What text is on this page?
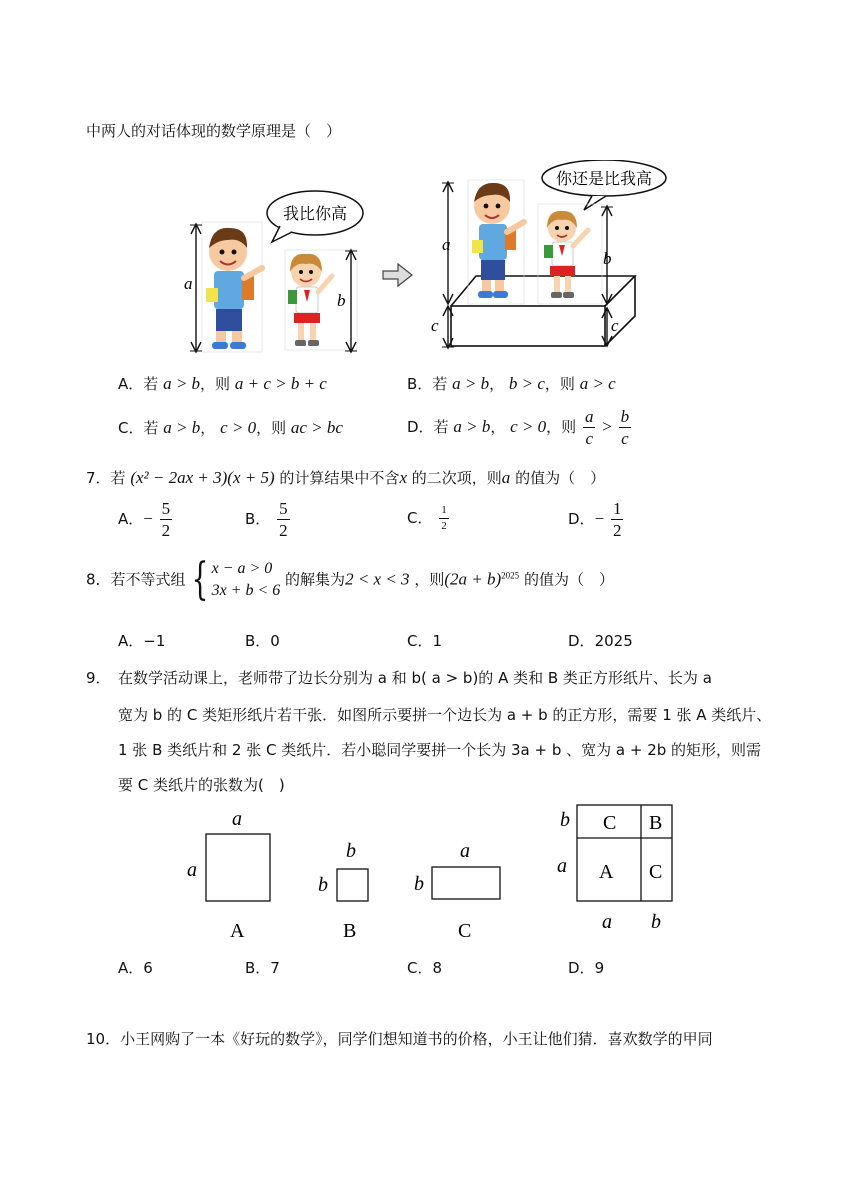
中两人的对话体现的数学原理是（　）
我比你高
a
b
你还是比我高
a
c
b
c
A．若 a > b，则 a + c > b + c	B．若 a > b， b > c，则 a > c
C．若 a > b， c > 0，则 ac > bc	D．若 a > b， c > 0，则 $\frac{a}{c} > \frac{b}{c}$
7．若 (x² − 2ax + 3)(x + 5) 的计算结果中不含x 的二次项，则a 的值为（　）
A．− $\frac{5}{2}$	B． $\frac{5}{2}$	C． $\frac{1}{2}$	D．− $\frac{1}{2}$
8．若不等式组 { x − a > 0
3x + b < 6
的解集为2 < x < 3 ，则$(2a + b)^{2025}$ 的值为（　）
A．−1	B．0	C．1	D．2025
9． 在数学活动课上，老师带了边长分别为 a 和 b( a > b)的 A 类和 B 类正方形纸片、长为 a
宽为 b 的 C 类矩形纸片若干张．如图所示要拼一个边长为 a + b 的正方形，需要 1 张 A 类纸片、
1 张 B 类纸片和 2 张 C 类纸片．若小聪同学要拼一个长为 3a + b 、宽为 a + 2b 的矩形，则需
要 C 类纸片的张数为(　)
a
a
A
b
b
B
a
b
C
C B
A C
b
a
a b
A．6	B．7	C．8	D．9
10．小王网购了一本《好玩的数学》，同学们想知道书的价格，小王让他们猜．喜欢数学的甲同
